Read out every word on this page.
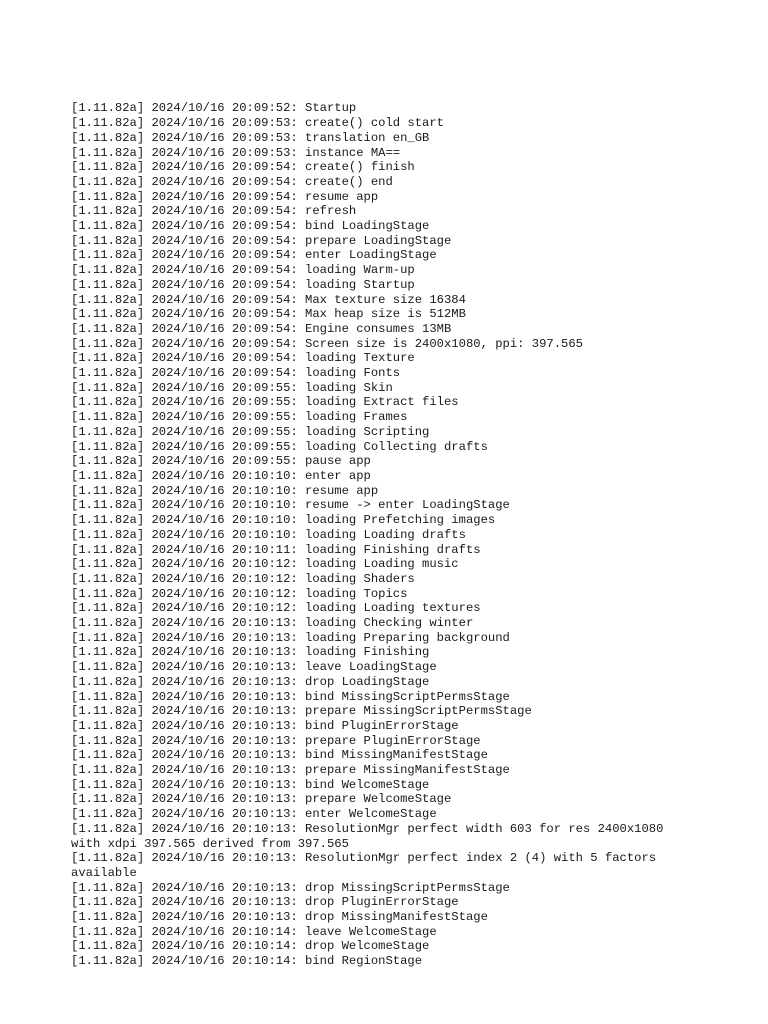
[1.11.82a] 2024/10/16 20:09:52: Startup
[1.11.82a] 2024/10/16 20:09:53: create() cold start
[1.11.82a] 2024/10/16 20:09:53: translation en_GB
[1.11.82a] 2024/10/16 20:09:53: instance MA==
[1.11.82a] 2024/10/16 20:09:54: create() finish
[1.11.82a] 2024/10/16 20:09:54: create() end
[1.11.82a] 2024/10/16 20:09:54: resume app
[1.11.82a] 2024/10/16 20:09:54: refresh
[1.11.82a] 2024/10/16 20:09:54: bind LoadingStage
[1.11.82a] 2024/10/16 20:09:54: prepare LoadingStage
[1.11.82a] 2024/10/16 20:09:54: enter LoadingStage
[1.11.82a] 2024/10/16 20:09:54: loading Warm-up
[1.11.82a] 2024/10/16 20:09:54: loading Startup
[1.11.82a] 2024/10/16 20:09:54: Max texture size 16384
[1.11.82a] 2024/10/16 20:09:54: Max heap size is 512MB
[1.11.82a] 2024/10/16 20:09:54: Engine consumes 13MB
[1.11.82a] 2024/10/16 20:09:54: Screen size is 2400x1080, ppi: 397.565
[1.11.82a] 2024/10/16 20:09:54: loading Texture
[1.11.82a] 2024/10/16 20:09:54: loading Fonts
[1.11.82a] 2024/10/16 20:09:55: loading Skin
[1.11.82a] 2024/10/16 20:09:55: loading Extract files
[1.11.82a] 2024/10/16 20:09:55: loading Frames
[1.11.82a] 2024/10/16 20:09:55: loading Scripting
[1.11.82a] 2024/10/16 20:09:55: loading Collecting drafts
[1.11.82a] 2024/10/16 20:09:55: pause app
[1.11.82a] 2024/10/16 20:10:10: enter app
[1.11.82a] 2024/10/16 20:10:10: resume app
[1.11.82a] 2024/10/16 20:10:10: resume -> enter LoadingStage
[1.11.82a] 2024/10/16 20:10:10: loading Prefetching images
[1.11.82a] 2024/10/16 20:10:10: loading Loading drafts
[1.11.82a] 2024/10/16 20:10:11: loading Finishing drafts
[1.11.82a] 2024/10/16 20:10:12: loading Loading music
[1.11.82a] 2024/10/16 20:10:12: loading Shaders
[1.11.82a] 2024/10/16 20:10:12: loading Topics
[1.11.82a] 2024/10/16 20:10:12: loading Loading textures
[1.11.82a] 2024/10/16 20:10:13: loading Checking winter
[1.11.82a] 2024/10/16 20:10:13: loading Preparing background
[1.11.82a] 2024/10/16 20:10:13: loading Finishing
[1.11.82a] 2024/10/16 20:10:13: leave LoadingStage
[1.11.82a] 2024/10/16 20:10:13: drop LoadingStage
[1.11.82a] 2024/10/16 20:10:13: bind MissingScriptPermsStage
[1.11.82a] 2024/10/16 20:10:13: prepare MissingScriptPermsStage
[1.11.82a] 2024/10/16 20:10:13: bind PluginErrorStage
[1.11.82a] 2024/10/16 20:10:13: prepare PluginErrorStage
[1.11.82a] 2024/10/16 20:10:13: bind MissingManifestStage
[1.11.82a] 2024/10/16 20:10:13: prepare MissingManifestStage
[1.11.82a] 2024/10/16 20:10:13: bind WelcomeStage
[1.11.82a] 2024/10/16 20:10:13: prepare WelcomeStage
[1.11.82a] 2024/10/16 20:10:13: enter WelcomeStage
[1.11.82a] 2024/10/16 20:10:13: ResolutionMgr perfect width 603 for res 2400x1080
with xdpi 397.565 derived from 397.565
[1.11.82a] 2024/10/16 20:10:13: ResolutionMgr perfect index 2 (4) with 5 factors
available
[1.11.82a] 2024/10/16 20:10:13: drop MissingScriptPermsStage
[1.11.82a] 2024/10/16 20:10:13: drop PluginErrorStage
[1.11.82a] 2024/10/16 20:10:13: drop MissingManifestStage
[1.11.82a] 2024/10/16 20:10:14: leave WelcomeStage
[1.11.82a] 2024/10/16 20:10:14: drop WelcomeStage
[1.11.82a] 2024/10/16 20:10:14: bind RegionStage
